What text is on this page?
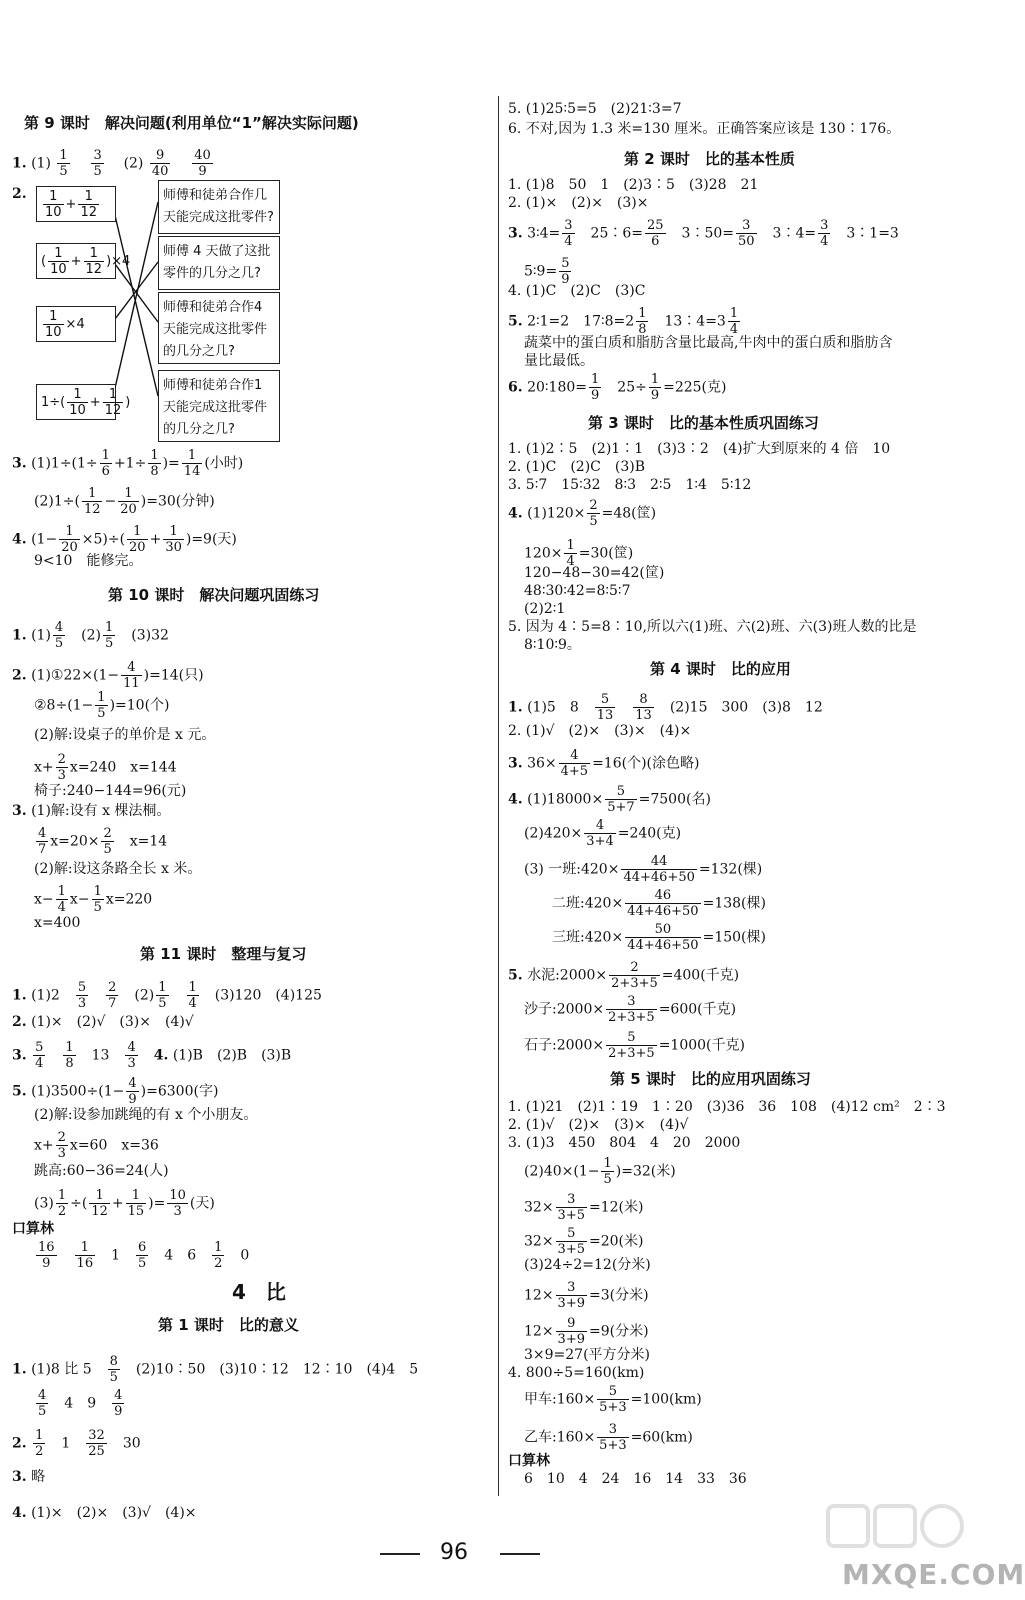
第 9 课时　解决问题(利用单位“1”解决实际问题)
1. $(1) \frac{1}{5}$
$\frac{3}{5} (2) \frac{9}{40}$
$\frac{40}{9}$
2.	1
10
+
1
12
(
1
10
+
1
12
)×4
1
10
×4
1÷(
1
10
+
1
12
)
师傅和徒弟合作几天能完成这批零件?
师傅 4 天做了这批零件的几分之几?
师傅和徒弟合作4天能完成这批零件的几分之几?
师傅和徒弟合作1天能完成这批零件的几分之几?
3. $(1)1\div(1\div \frac{1}{6} +1\div \frac{1}{8}$ )= $\frac{1}{14}$ (小时)
$(2)1\div( \frac{1}{12} - \frac{1}{20} )=30$(分钟)
4. $(1- \frac{1}{20} \times 5)\div( \frac{1}{20} + \frac{1}{30} )=9$(天)
9<10　能修完。
第 10 课时　解决问题巩固练习
1. $(1) \frac{4}{5}$ 　$(2) \frac{1}{5}$ 　(3)32
2. (1)①22×(1− $\frac{4}{11} )=14$(只)
②8÷(1− $\frac{1}{5} )=10$(个)
(2)解:设桌子的单价是 x 元。
$x+ \frac{2}{3} x=240$　x=144
椅子:240−144=96(元)
3. (1)解:设有 x 棵法桐。
$\frac{4}{7} x=20\times \frac{2}{5}$ 　x=14
(2)解:设这条路全长 x 米。
$x- \frac{1}{4} x- \frac{1}{5} x=220$
x=400
第 11 课时　整理与复习
1. (1)2　 $\frac{5}{3}$
　 $\frac{2}{7}$ 　$(2) \frac{1}{5}$
　 $\frac{1}{4}$ 　(3)120　(4)125
2. (1)×　(2)√　(3)×　(4)√
3. $\frac{5}{4}$
　 $\frac{1}{8}$ 　13　 $\frac{4}{3}$
　 4. (1)B　(2)B　(3)B
5. $(1)3500\div(1- \frac{4}{9} )=6300$(字)
(2)解:设参加跳绳的有 x 个小朋友。
$x+ \frac{2}{3} x=60$　x=36
跳高:60−36=24(人)
$(3) \frac{1}{2}$ ÷( $\frac{1}{12} + \frac{1}{15}$ )= $\frac{10}{3}$ (天)
口算林
$\frac{16}{9}$
　 $\frac{1}{16}$ 　1　 $\frac{6}{5}$ 　4　6　 $\frac{1}{2}$ 　0
4　比
第 1 课时　比的意义
1. (1)8 比 5　 $\frac{8}{5}$ 　(2)10∶50　(3)10∶12　12∶10　(4)4　5
$\frac{4}{5}$ 　4　9　 $\frac{4}{9}$
2. $\frac{1}{2}$ 　1　 $\frac{32}{25}$ 　30
3. 略
4. (1)×　(2)×　(3)√　(4)×
5. (1)25∶5=5　(2)21∶3=7
6. 不对,因为 1.3 米=130 厘米。正确答案应该是 130∶176。
第 2 课时　比的基本性质
1. (1)8　50　1　(2)3∶5　(3)28　21
2. (1)×　(2)×　(3)×
3. 3∶4= $\frac{3}{4}$ 　25∶6= $\frac{25}{6}$ 　3∶50= $\frac{3}{50}$ 　3∶4= $\frac{3}{4}$ 　3∶1=3
5∶9= $\frac{5}{9}$
4. (1)C　(2)C　(3)C
5. 2∶1=2　17∶8=2 $\frac{1}{8}$ 　13∶4=3 $\frac{1}{4}$
蔬菜中的蛋白质和脂肪含量比最高,牛肉中的蛋白质和脂肪含
量比最低。
6. 20∶180= $\frac{1}{9}$ 　$25\div \frac{1}{9} =225$(克)
第 3 课时　比的基本性质巩固练习
1. (1)2∶5　(2)1∶1　(3)3∶2　(4)扩大到原来的 4 倍　10
2. (1)C　(2)C　(3)B
3. 5∶7　15∶32　8∶3　2∶5　1∶4　5∶12
4. $(1)120\times \frac{2}{5} =48$(筐)
$120\times \frac{1}{4} =30$(筐)
120−48−30=42(筐)
48∶30∶42=8∶5∶7
(2)2∶1
5. 因为 4∶5=8∶10,所以六(1)班、六(2)班、六(3)班人数的比是
8∶10∶9。
第 4 课时　比的应用
1. (1)5　8　 $\frac{5}{13}$
　 $\frac{8}{13}$ 　(2)15　300　(3)8　12
2. (1)√　(2)×　(3)×　(4)×
3. $36\times \frac{4}{4+5} =16$(个)(涂色略)
4. $(1)18000\times \frac{5}{5+7} =7500$(名)
$(2)420\times \frac{4}{3+4} =240$(克)
(3) 一班:420× $\frac{44}{44+46+50} =132$(棵)
二班:420× $\frac{46}{44+46+50} =138$(棵)
三班:420× $\frac{50}{44+46+50} =150$(棵)
5. 水泥:2000× $\frac{2}{2+3+5} =400$(千克)
沙子:2000× $\frac{3}{2+3+5} =600$(千克)
石子:2000× $\frac{5}{2+3+5} =1000$(千克)
第 5 课时　比的应用巩固练习
1. (1)21　(2)1∶19　1∶20　(3)36　36　108　(4)12 cm²　2∶3
2. (1)√　(2)×　(3)×　(4)√
3. (1)3　450　804　4　20　2000
$(2)40\times(1- \frac{1}{5} )=32$(米)
$32\times \frac{3}{3+5} =12$(米)
$32\times \frac{5}{3+5} =20$(米)
(3)24÷2=12(分米)
$12\times \frac{3}{3+9} =3$(分米)
$12\times \frac{9}{3+9} =9$(分米)
3×9=27(平方分米)
4. 800÷5=160(km)
甲车:160× $\frac{5}{5+3} =100(km)$
乙车:160× $\frac{3}{5+3} =60(km)$
口算林
6　10　4　24　16　14　33　36
96
MXQE.COM
